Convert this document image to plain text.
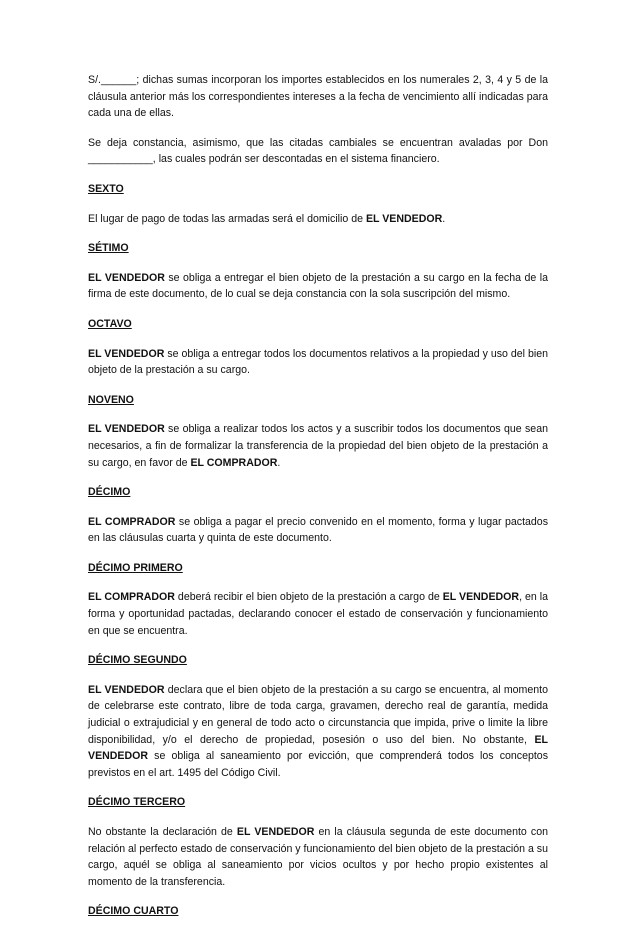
S/.______; dichas sumas incorporan los importes establecidos en los numerales 2, 3, 4 y 5 de la cláusula anterior más los correspondientes intereses a la fecha de vencimiento allí indicadas para cada una de ellas.

Se deja constancia, asimismo, que las citadas cambiales se encuentran avaladas por Don ___________, las cuales podrán ser descontadas en el sistema financiero.

SEXTO

El lugar de pago de todas las armadas será el domicilio de EL VENDEDOR.

SÉTIMO

EL VENDEDOR se obliga a entregar el bien objeto de la prestación a su cargo en la fecha de la firma de este documento, de lo cual se deja constancia con la sola suscripción del mismo.

OCTAVO

EL VENDEDOR se obliga a entregar todos los documentos relativos a la propiedad y uso del bien objeto de la prestación a su cargo.

NOVENO

EL VENDEDOR se obliga a realizar todos los actos y a suscribir todos los documentos que sean necesarios, a fin de formalizar la transferencia de la propiedad del bien objeto de la prestación a su cargo, en favor de EL COMPRADOR.

DÉCIMO

EL COMPRADOR se obliga a pagar el precio convenido en el momento, forma y lugar pactados en las cláusulas cuarta y quinta de este documento.

DÉCIMO PRIMERO

EL COMPRADOR deberá recibir el bien objeto de la prestación a cargo de EL VENDEDOR, en la forma y oportunidad pactadas, declarando conocer el estado de conservación y funcionamiento en que se encuentra.

DÉCIMO SEGUNDO

EL VENDEDOR declara que el bien objeto de la prestación a su cargo se encuentra, al momento de celebrarse este contrato, libre de toda carga, gravamen, derecho real de garantía, medida judicial o extrajudicial y en general de todo acto o circunstancia que impida, prive o limite la libre disponibilidad, y/o el derecho de propiedad, posesión o uso del bien. No obstante, EL VENDEDOR se obliga al saneamiento por evicción, que comprenderá todos los conceptos previstos en el art. 1495 del Código Civil.

DÉCIMO TERCERO

No obstante la declaración de EL VENDEDOR en la cláusula segunda de este documento con relación al perfecto estado de conservación y funcionamiento del bien objeto de la prestación a su cargo, aquél se obliga al saneamiento por vicios ocultos y por hecho propio existentes al momento de la transferencia.

DÉCIMO CUARTO
